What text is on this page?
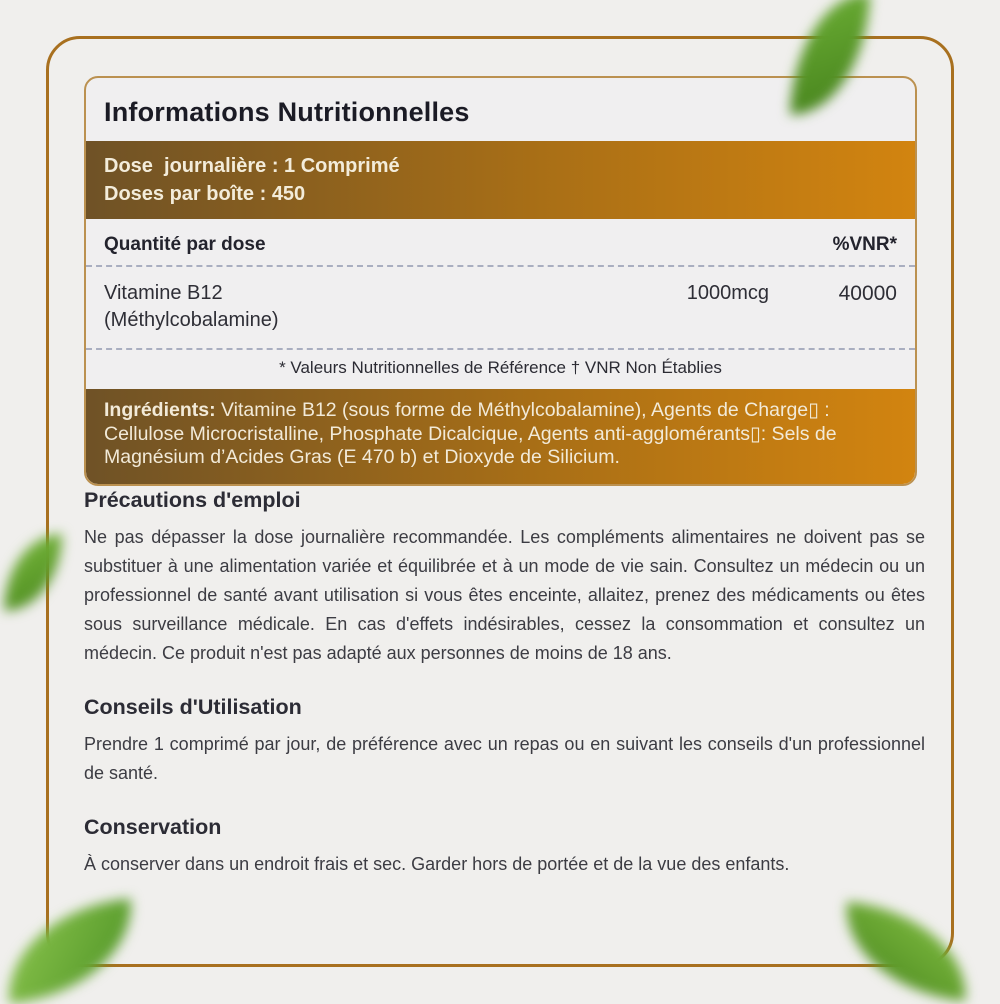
Informations Nutritionnelles
Dose  journalière : 1 Comprimé
Doses par boîte : 450
Quantité par dose	%VNR*
Vitamine B12
(Méthylcobalamine)
1000mcg	40000
* Valeurs Nutritionnelles de Référence † VNR Non Établies
Ingrédients: Vitamine B12 (sous forme de Méthylcobalamine), Agents de Charge▯ : Cellulose Microcristalline, Phosphate Dicalcique, Agents anti-agglomérants▯: Sels de Magnésium d’Acides Gras (E 470 b) et Dioxyde de Silicium.
Précautions d'emploi

Ne pas dépasser la dose journalière recommandée. Les compléments alimentaires ne doivent pas se substituer à une alimentation variée et équilibrée et à un mode de vie sain. Consultez un médecin ou un professionnel de santé avant utilisation si vous êtes enceinte, allaitez, prenez des médicaments ou êtes sous surveillance médicale. En cas d'effets indésirables, cessez la consommation et consultez un médecin. Ce produit n'est pas adapté aux personnes de moins de 18 ans.

Conseils d'Utilisation

Prendre 1 comprimé par jour, de préférence avec un repas ou en suivant les conseils d'un professionnel de santé.

Conservation

À conserver dans un endroit frais et sec. Garder hors de portée et de la vue des enfants.
